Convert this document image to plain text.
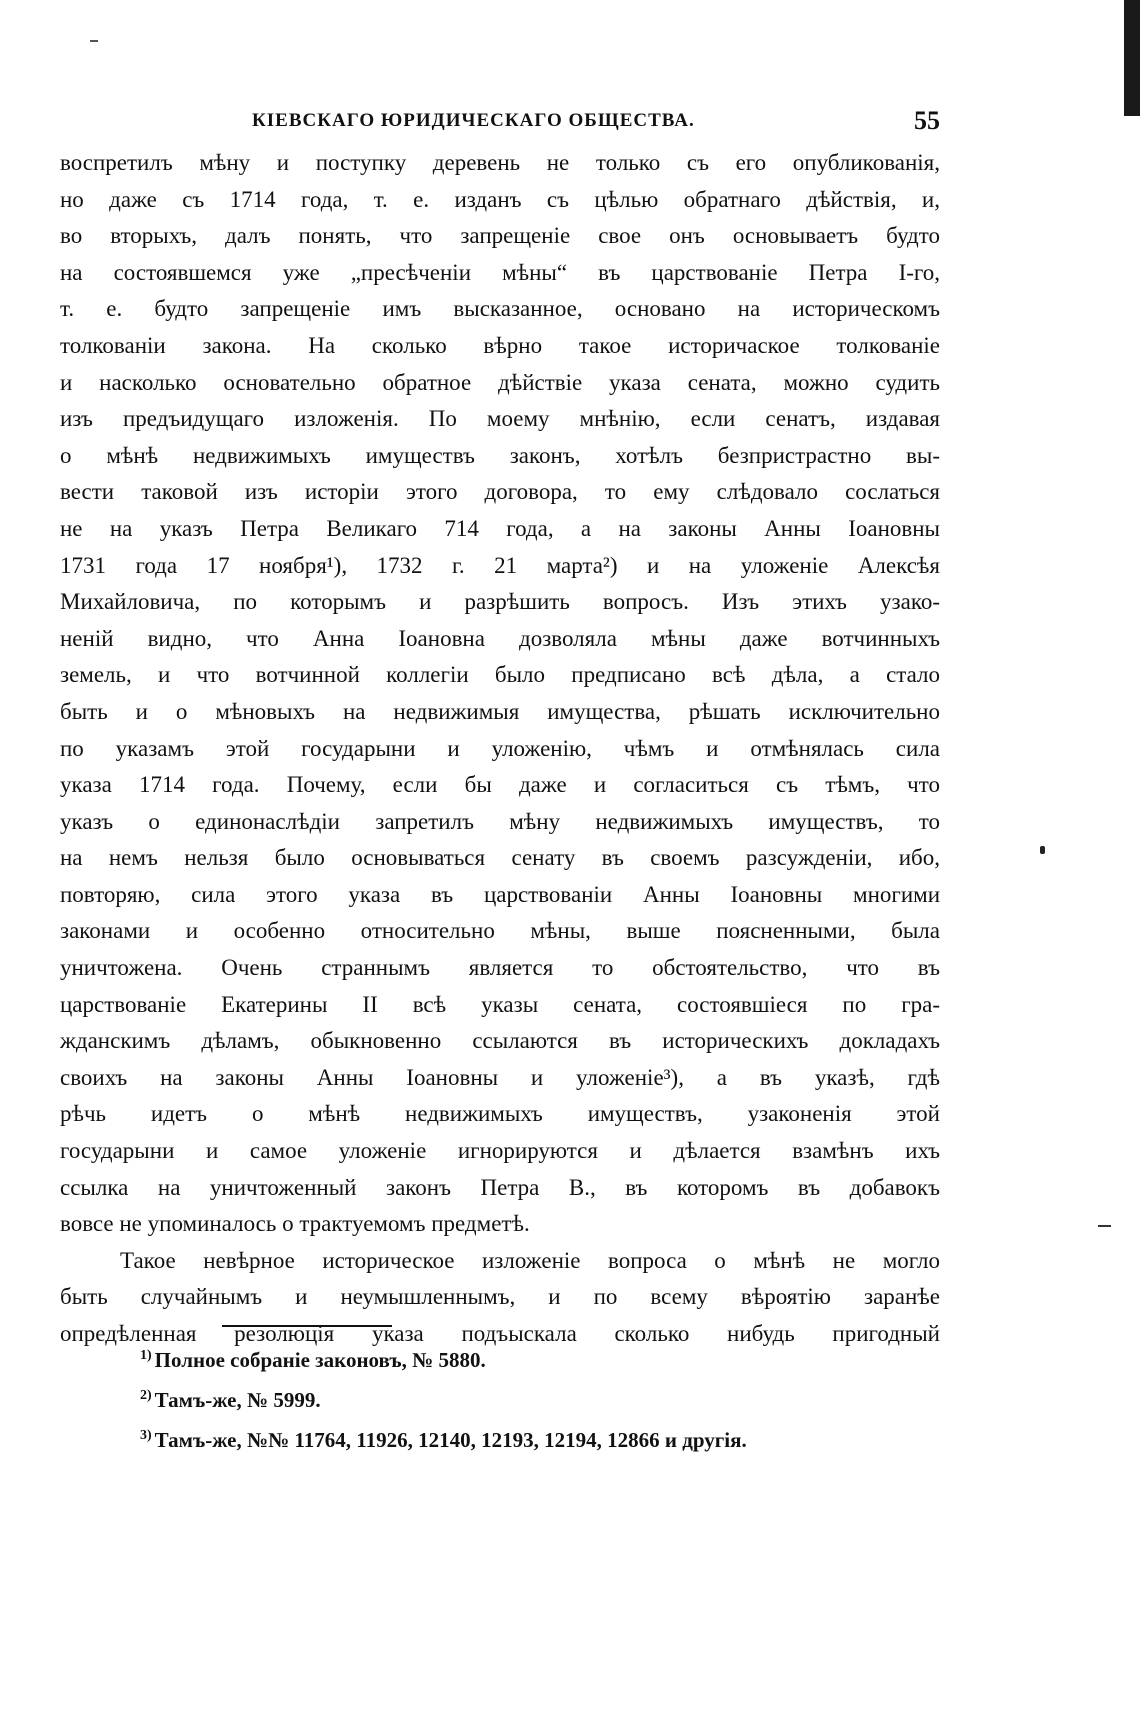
КІЕВСКАГО ЮРИДИЧЕСКАГО ОБЩЕСТВА.	55
воспретилъ мѣну и поступку деревень не только съ его опубликованія,
но даже съ 1714 года, т. е. изданъ съ цѣлью обратнаго дѣйствія, и,
во вторыхъ, далъ понять, что запрещеніе свое онъ основываетъ будто
на состоявшемся уже „пресѣченіи мѣны“ въ царствованіе Петра I-го,
т. е. будто запрещеніе имъ высказанное, основано на историческомъ
толкованіи закона. На сколько вѣрно такое историчаское толкованіе
и насколько основательно обратное дѣйствіе указа сената, можно судить
изъ предъидущаго изложенія. По моему мнѣнію, если сенатъ, издавая
о мѣнѣ недвижимыхъ имуществъ законъ, хотѣлъ безпристрастно вы-
вести таковой изъ исторіи этого договора, то ему слѣдовало сослаться
не на указъ Петра Великаго 714 года, а на законы Анны Іоановны
1731 года 17 ноября¹), 1732 г. 21 марта²) и на уложеніе Алексѣя
Михайловича, по которымъ и разрѣшить вопросъ. Изъ этихъ узако-
неній видно, что Анна Іоановна дозволяла мѣны даже вотчинныхъ
земель, и что вотчинной коллегіи было предписано всѣ дѣла, а стало
быть и о мѣновыхъ на недвижимыя имущества, рѣшать исключительно
по указамъ этой государыни и уложенію, чѣмъ и отмѣнялась сила
указа 1714 года. Почему, если бы даже и согласиться съ тѣмъ, что
указъ о единонаслѣдіи запретилъ мѣну недвижимыхъ имуществъ, то
на немъ нельзя было основываться сенату въ своемъ разсужденіи, ибо,
повторяю, сила этого указа въ царствованіи Анны Іоановны многими
законами и особенно относительно мѣны, выше поясненными, была
уничтожена. Очень страннымъ является то обстоятельство, что въ
царствованіе Екатерины II всѣ указы сената, состоявшіеся по гра-
жданскимъ дѣламъ, обыкновенно ссылаются въ историческихъ докладахъ
своихъ на законы Анны Іоановны и уложеніе³), а въ указѣ, гдѣ
рѣчь идетъ о мѣнѣ недвижимыхъ имуществъ, узаконенія этой
государыни и самое уложеніе игнорируются и дѣлается взамѣнъ ихъ
ссылка на уничтоженный законъ Петра В., въ которомъ въ добавокъ
вовсе не упоминалось о трактуемомъ предметѣ.
Такое невѣрное историческое изложеніе вопроса о мѣнѣ не могло
быть случайнымъ и неумышленнымъ, и по всему вѣроятію заранѣе
опредѣленная резолюція указа подъыскала сколько нибудь пригодный
$^{1)}$ Полное собраніе законовъ, № 5880.
$^{2)}$ Тамъ-же, № 5999.
$^{3)}$ Тамъ-же, №№ 11764, 11926, 12140, 12193, 12194, 12866 и другія.
